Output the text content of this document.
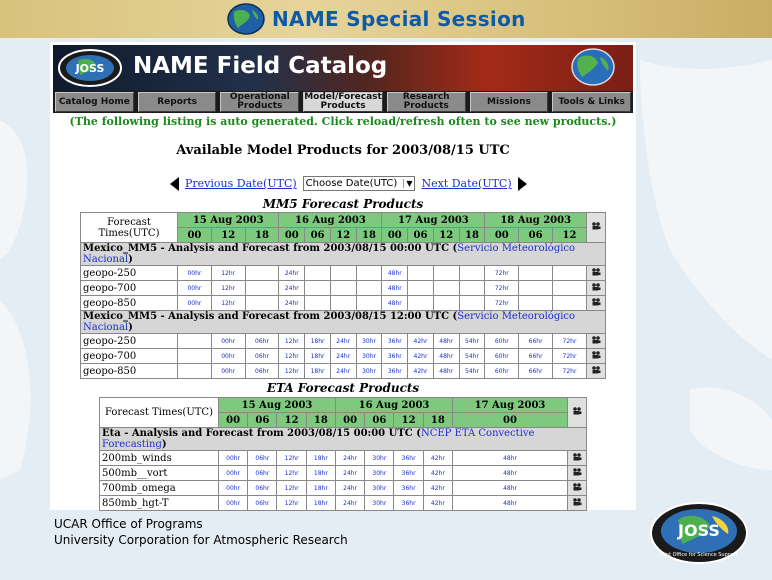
NAME Special Session
NAME Field Catalog
JOSS
Catalog Home	Reports	Operational Products
Model/Forecast Products
Research Products	Missions	Tools & Links
(The following listing is auto generated. Click reload/refresh often to see new products.)
Available Model Products for 2003/08/15 UTC
Previous Date(UTC) Choose Date(UTC)	▼ Next Date(UTC)
MM5 Forecast Products
Forecast Times(UTC)	15 Aug 2003			16 Aug 2003				17 Aug 2003				18 Aug 2003	
	00	12	18	00	06	12	18	00	06	12	18	00	06	12	
Mexico_MM5 - Analysis and Forecast from 2003/08/15 00:00 UTC (Servicio Meteorológico Nacional)															
geopo-250	00hr	12hr		24hr				48hr				72hr			
geopo-700	00hr	12hr		24hr				48hr				72hr			
geopo-850	00hr	12hr		24hr				48hr				72hr			
Mexico_MM5 - Analysis and Forecast from 2003/08/15 12:00 UTC (Servicio Meteorológico Nacional)															
geopo-250		00hr	06hr	12hr	18hr	24hr	30hr	36hr	42hr	48hr	54hr	60hr	66hr	72hr	
geopo-700		00hr	06hr	12hr	18hr	24hr	30hr	36hr	42hr	48hr	54hr	60hr	66hr	72hr	
geopo-850		00hr	06hr	12hr	18hr	24hr	30hr	36hr	42hr	48hr	54hr	60hr	66hr	72hr	
ETA Forecast Products
Forecast Times(UTC)	15 Aug 2003				16 Aug 2003				17 Aug 2003	
	00	06	12	18	00	06	12	18	00	
Eta - Analysis and Forecast from 2003/08/15 00:00 UTC (NCEP ETA Convective Forecasting)										
200mb_winds	00hr	06hr	12hr	18hr	24hr	30hr	36hr	42hr	48hr	
500mb__vort	00hr	06hr	12hr	18hr	24hr	30hr	36hr	42hr	48hr	
700mb_omega	00hr	06hr	12hr	18hr	24hr	30hr	36hr	42hr	48hr	
850mb_hgt-T	00hr	06hr	12hr	18hr	24hr	30hr	36hr	42hr	48hr	
UCAR Office of Programs
University Corporation for Atmospheric Research	JOSS
Joint Office for Science Support
